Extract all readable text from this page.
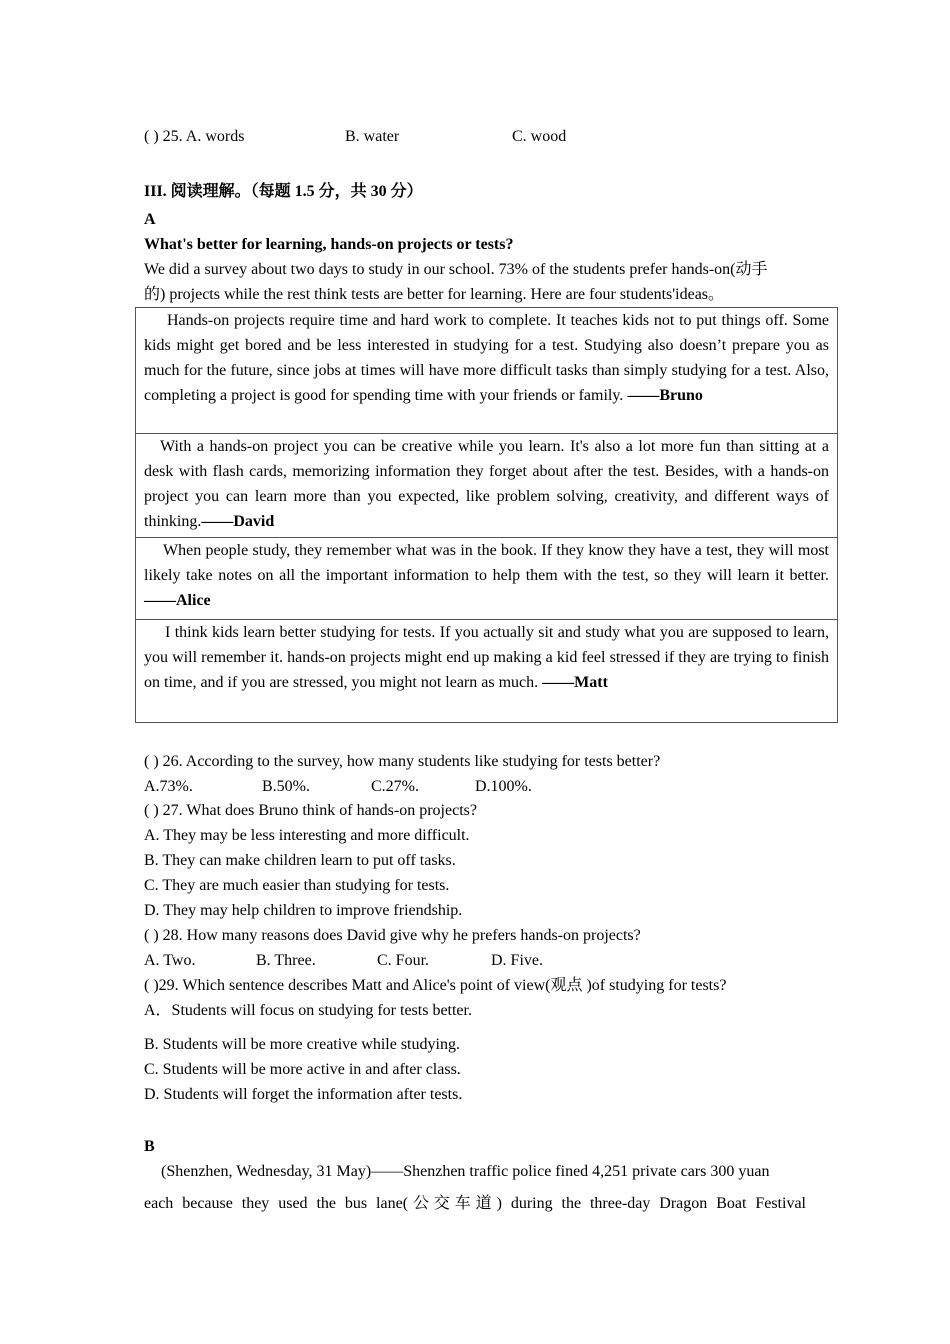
( ) 25. A. words	B. water	C. wood
III. 阅读理解。（每题 1.5 分，共 30 分）
A
What's better for learning, hands-on projects or tests?
We did a survey about two days to study in our school. 73% of the students prefer hands-on(动手
的) projects while the rest think tests are better for learning. Here are four students'ideas。

Hands-on projects require time and hard work to complete. It teaches kids not to put things off. Some kids might get bored and be less interested in studying for a test. Studying also doesn’t prepare you as much for the future, since jobs at times will have more difficult tasks than simply studying for a test. Also, completing a project is good for spending time with your friends or family. ——Bruno

With a hands-on project you can be creative while you learn. It's also a lot more fun than sitting at a desk with flash cards, memorizing information they forget about after the test. Besides, with a hands-on project you can learn more than you expected, like problem solving, creativity, and different ways of thinking.——David

When people study, they remember what was in the book. If they know they have a test, they will most likely take notes on all the important information to help them with the test, so they will learn it better.——Alice

I think kids learn better studying for tests. If you actually sit and study what you are supposed to learn, you will remember it. hands-on projects might end up making a kid feel stressed if they are trying to finish on time, and if you are stressed, you might not learn as much. ——Matt

( ) 26. According to the survey, how many students like studying for tests better?
A.73%.	B.50%.	C.27%.	D.100%.
( ) 27. What does Bruno think of hands-on projects?
A. They may be less interesting and more difficult.
B. They can make children learn to put off tasks.
C. They are much easier than studying for tests.
D. They may help children to improve friendship.
( ) 28. How many reasons does David give why he prefers hands-on projects?
A. Two.	B. Three.	C. Four.	D. Five.
( )29. Which sentence describes Matt and Alice's point of view(观点 )of studying for tests?
A．Students will focus on studying for tests better.
B. Students will be more creative while studying.
C. Students will be more active in and after class.
D. Students will forget the information after tests.
B
(Shenzhen, Wednesday, 31 May)——Shenzhen traffic police fined 4,251 private cars 300 yuan
each because they used the bus lane(公交车道) during the three-day Dragon Boat Festival
